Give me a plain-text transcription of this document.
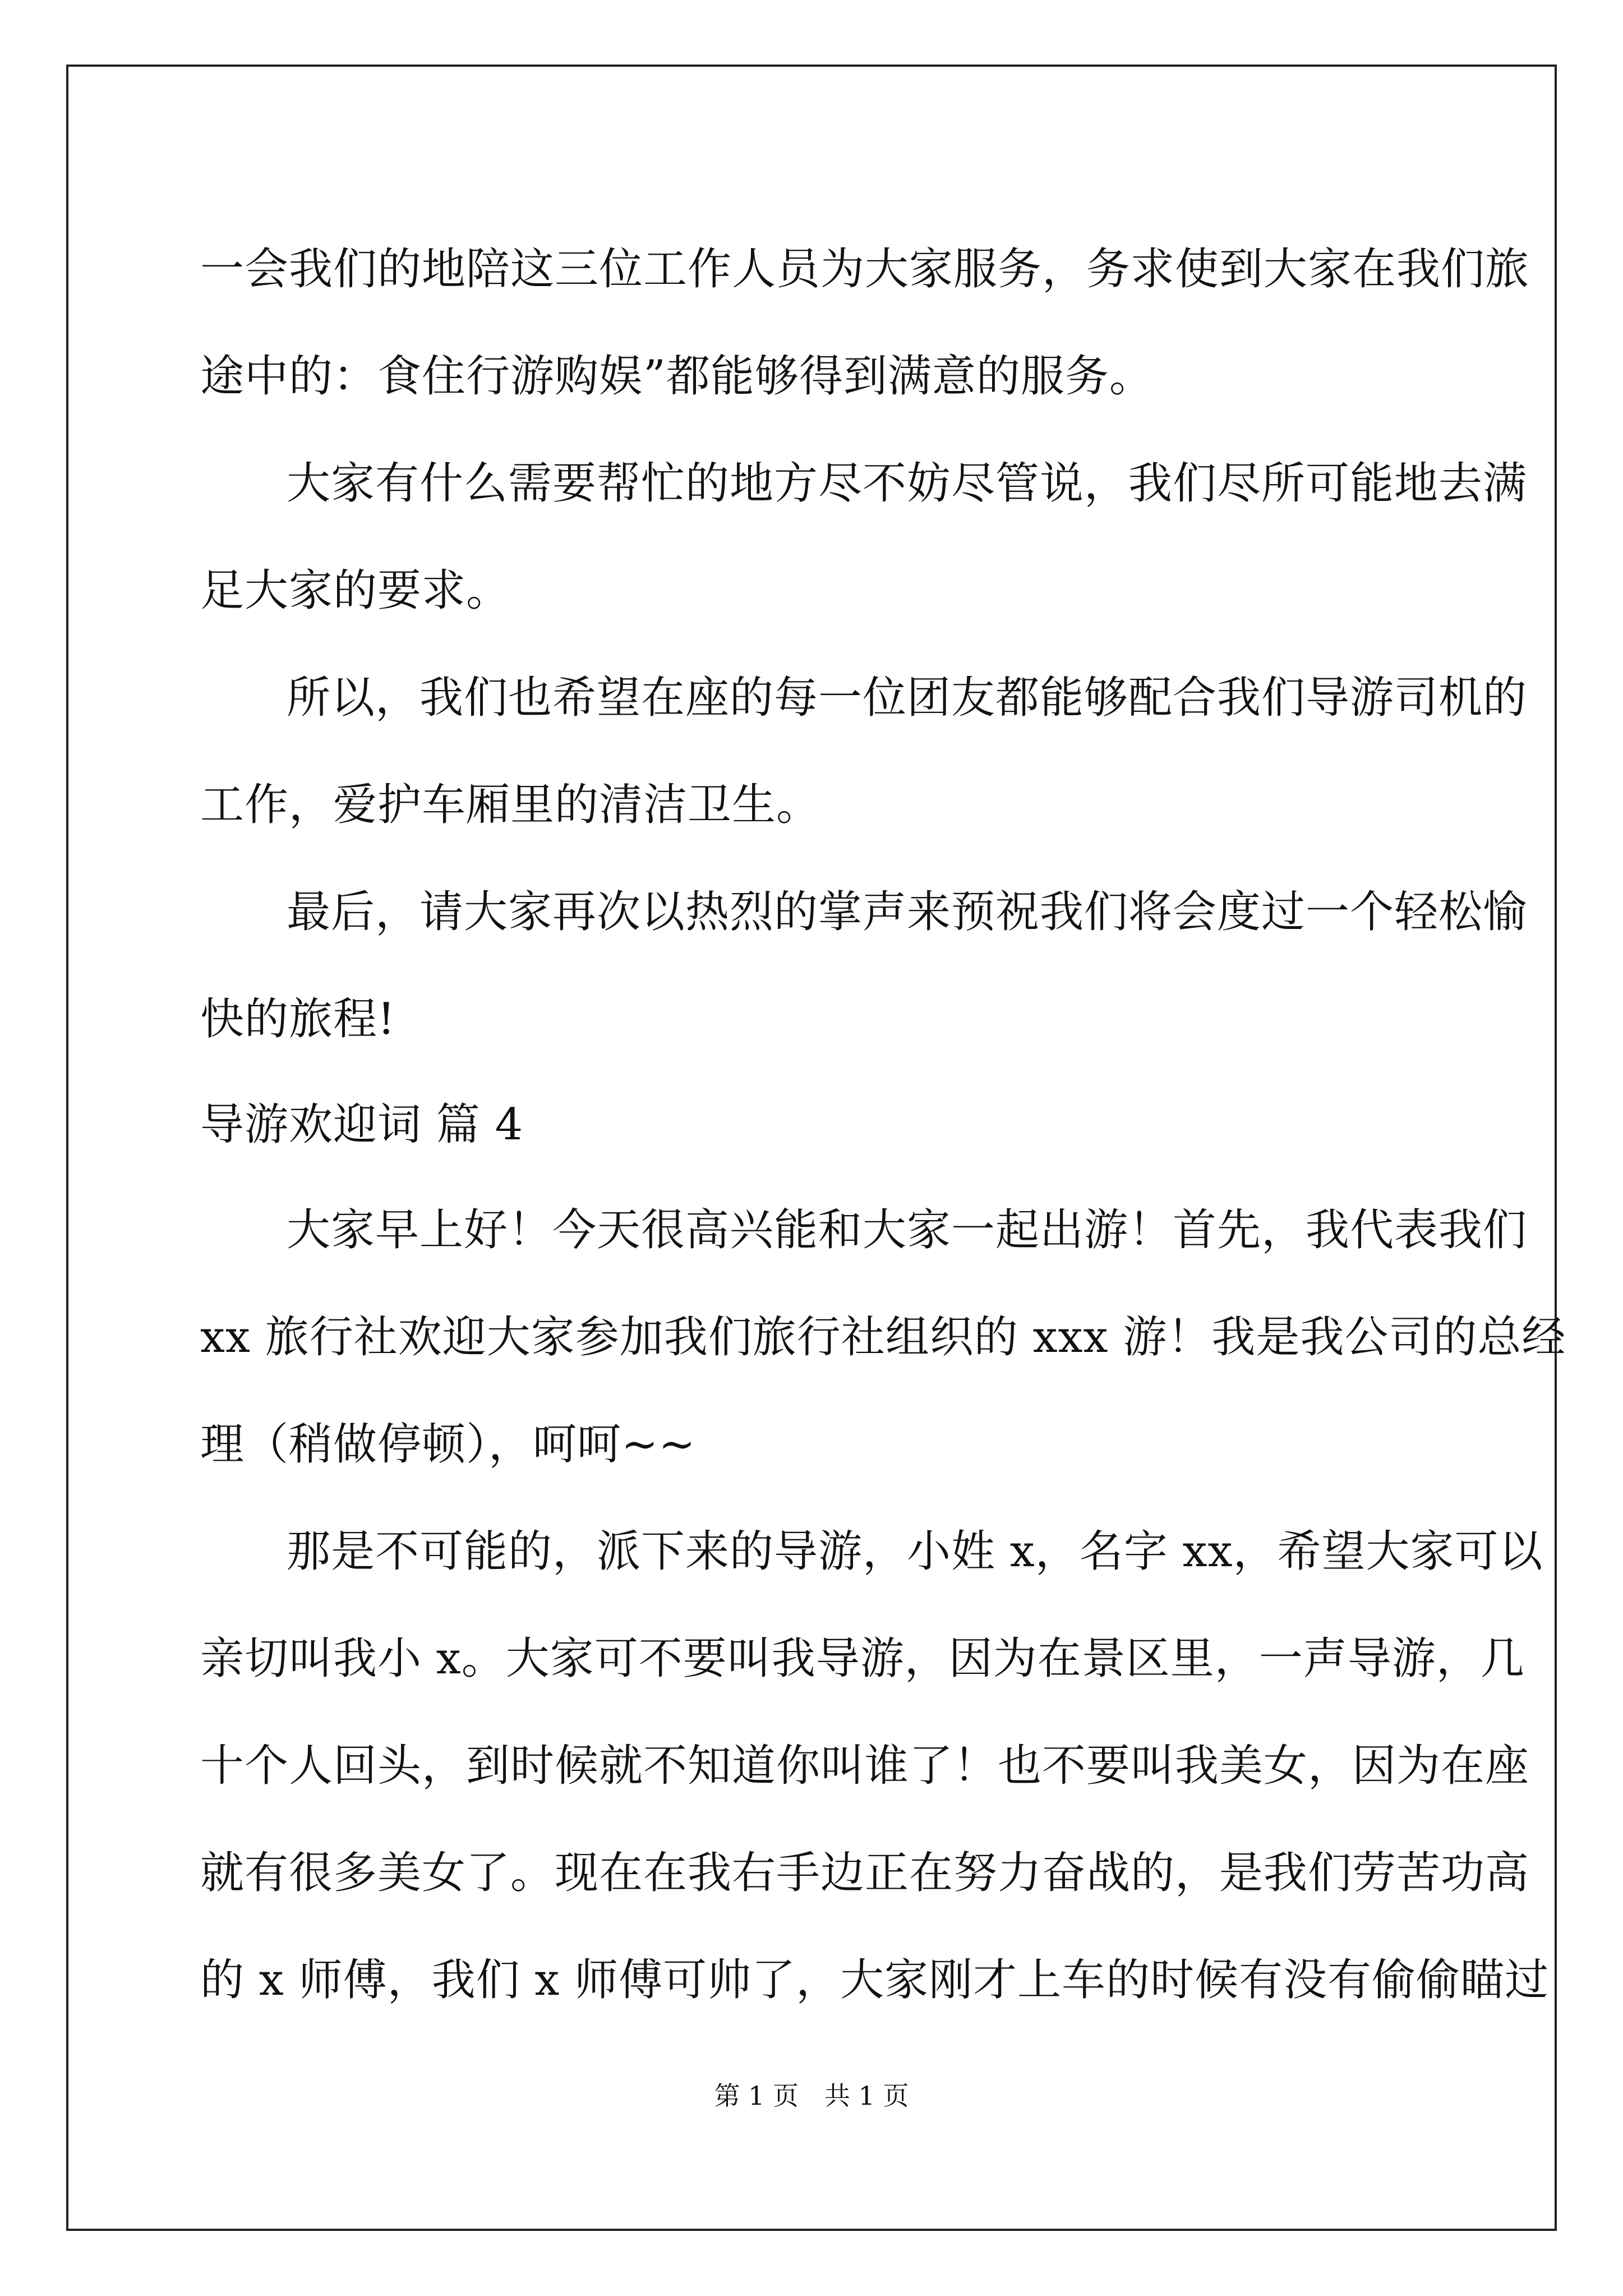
一会我们的地陪这三位工作人员为大家服务，务求使到大家在我们旅
途中的：食住行游购娱”都能够得到满意的服务。
大家有什么需要帮忙的地方尽不妨尽管说，我们尽所可能地去满
足大家的要求。
所以，我们也希望在座的每一位团友都能够配合我们导游司机的
工作，爱护车厢里的清洁卫生。
最后，请大家再次以热烈的掌声来预祝我们将会度过一个轻松愉
快的旅程!
导游欢迎词 篇 4
大家早上好！今天很高兴能和大家一起出游！首先，我代表我们
xx 旅行社欢迎大家参加我们旅行社组织的 xxx 游！我是我公司的总经
理（稍做停顿），呵呵~~
那是不可能的，派下来的导游，小姓 x，名字 xx，希望大家可以
亲切叫我小 x。大家可不要叫我导游，因为在景区里，一声导游，几
十个人回头，到时候就不知道你叫谁了！也不要叫我美女，因为在座
就有很多美女了。现在在我右手边正在努力奋战的，是我们劳苦功高
的 x 师傅，我们 x 师傅可帅了，大家刚才上车的时候有没有偷偷瞄过
第 1 页　共 1 页
